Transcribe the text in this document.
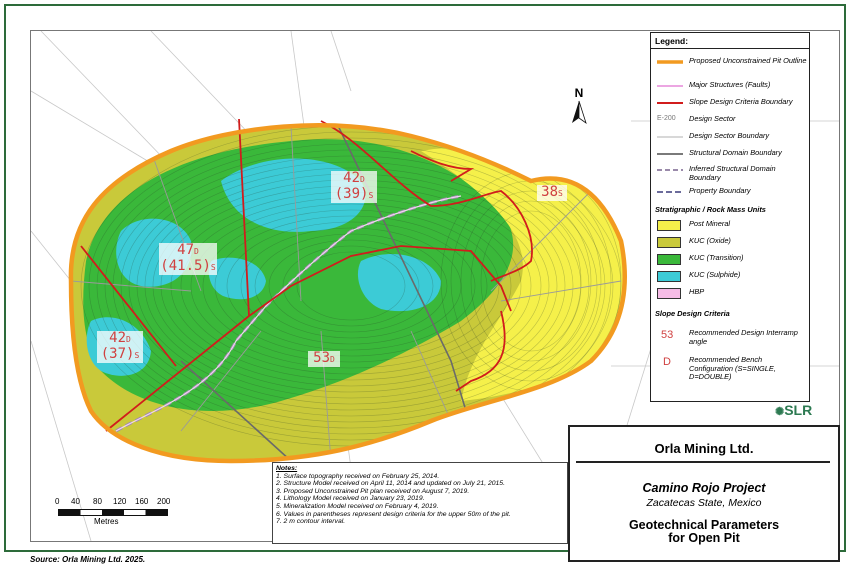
N
42D
(39)S	38S
47D
(41.5)S
42D
(37)S	53D
Legend:
Proposed Unconstrained Pit Outline
Major Structures (Faults)
Slope Design Criteria Boundary
E-200	Design Sector
Design Sector Boundary
Structural Domain Boundary
Inferred Structural Domain Boundary
Property Boundary
Stratigraphic / Rock Mass Units
Post Mineral
KUC (Oxide)
KUC (Transition)
KUC (Sulphide)
HBP
Slope Design Criteria
53	Recommended Design Interramp angle
D	Recommended Bench Configuration (S=SINGLE, D=DOUBLE)
✺SLR
Notes:
1. Surface topography received on February 25, 2014.
2. Structure Model received on April 11, 2014 and updated on July 21, 2015.
3. Proposed Unconstrained Pit plan received on August 7, 2019.
4. Lithology Model received on January 23, 2019.
5. Mineralization Model received on February 4, 2019.
6. Values in parentheses represent design criteria for the upper 50m of the pit.
7. 2 m contour interval.
0 40 80 120 160 200
Metres
Orla Mining Ltd.
Camino Rojo Project
Zacatecas State, Mexico
Geotechnical Parameters
for Open Pit
Source: Orla Mining Ltd. 2025.
